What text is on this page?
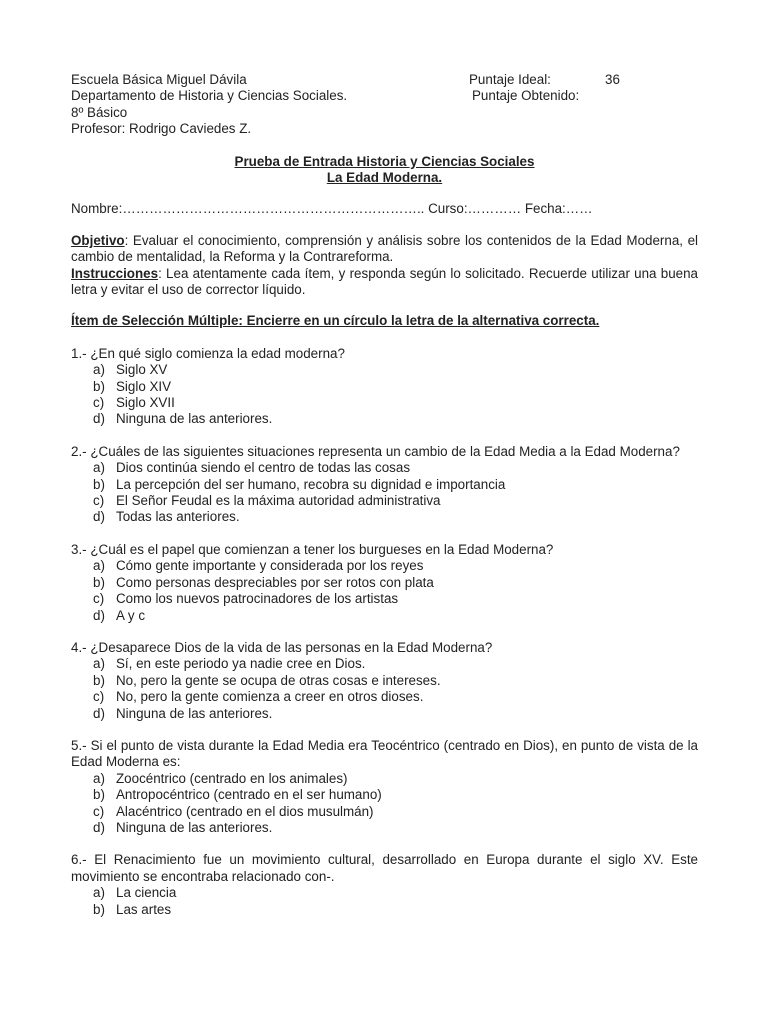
Escuela Básica Miguel Dávila	Puntaje Ideal:	36
Departamento de Historia y Ciencias Sociales.	Puntaje Obtenido:
8º Básico
Profesor: Rodrigo Caviedes Z.
Prueba de Entrada Historia y Ciencias Sociales
La Edad Moderna.
Nombre:………………………………………………………….. Curso:………… Fecha:……
Objetivo: Evaluar el conocimiento, comprensión y análisis sobre los contenidos de la Edad Moderna, el cambio de mentalidad, la Reforma y la Contrareforma.
Instrucciones: Lea atentamente cada ítem, y responda según lo solicitado. Recuerde utilizar una buena letra y evitar el uso de corrector líquido.
Ítem de Selección Múltiple: Encierre en un círculo la letra de la alternativa correcta.
1.- ¿En qué siglo comienza la edad moderna?
a) Siglo XV
b) Siglo XIV
c) Siglo XVII
d) Ninguna de las anteriores.
2.- ¿Cuáles de las siguientes situaciones representa un cambio de la Edad Media a la Edad Moderna?
a) Dios continúa siendo el centro de todas las cosas
b) La percepción del ser humano, recobra su dignidad e importancia
c) El Señor Feudal es la máxima autoridad administrativa
d) Todas las anteriores.
3.- ¿Cuál es el papel que comienzan a tener los burgueses en la Edad Moderna?
a) Cómo gente importante y considerada por los reyes
b) Como personas despreciables por ser rotos con plata
c) Como los nuevos patrocinadores de los artistas
d) A y c
4.- ¿Desaparece Dios de la vida de las personas en la Edad Moderna?
a) Sí, en este periodo ya nadie cree en Dios.
b) No, pero la gente se ocupa de otras cosas e intereses.
c) No, pero la gente comienza a creer en otros dioses.
d) Ninguna de las anteriores.
5.- Si el punto de vista durante la Edad Media era Teocéntrico (centrado en Dios), en punto de vista de la Edad Moderna es:
a) Zoocéntrico (centrado en los animales)
b) Antropocéntrico (centrado en el ser humano)
c) Alacéntrico (centrado en el dios musulmán)
d) Ninguna de las anteriores.
6.- El Renacimiento fue un movimiento cultural, desarrollado en Europa durante el siglo XV. Este movimiento se encontraba relacionado con-.
a) La ciencia
b) Las artes
